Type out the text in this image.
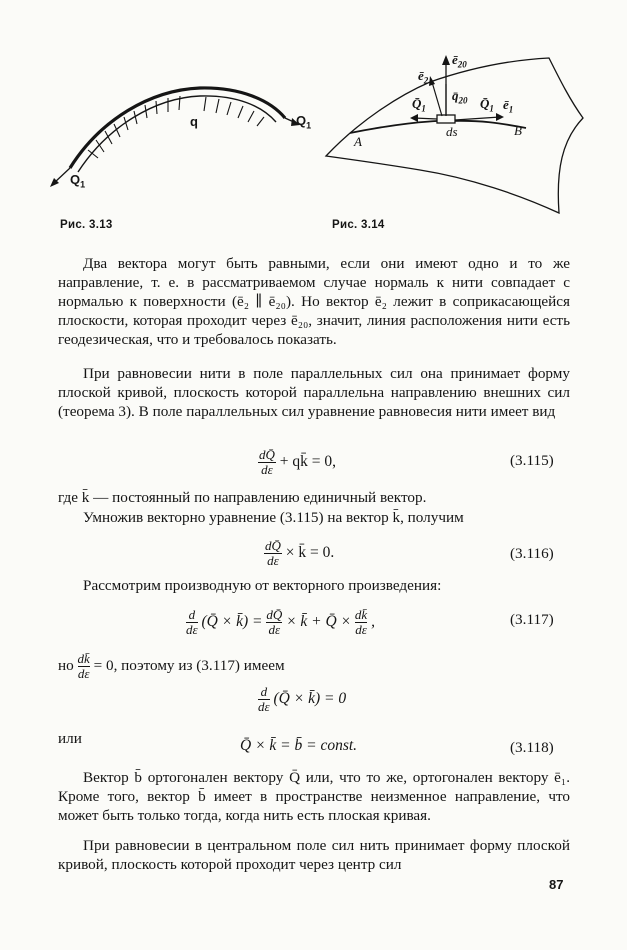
Рис. 3.13	Рис. 3.14
q
$Q_1$
$Q_1$
$ē_{20}$
$ē_2$
$q̄_{20}$
$Q̄_1$	$Q̄_1$ $ē_1$
ds
A
B
Два вектора могут быть равными, если они имеют одно и то же направление, т. е. в рассматриваемом случае нормаль к нити совпадает с нормалью к поверхности (ē₂ ∥ ē₂₀). Но вектор ē₂ лежит в соприкасающейся плоскости, которая проходит через ē₂₀, значит, линия расположения нити есть геодезическая, что и требовалось показать.
При равновесии нити в поле параллельных сил она принимает форму плоской кривой, плоскость которой параллельна направлению внешних сил (теорема 3). В поле параллельных сил уравнение равновесия нити имеет вид
$\frac{dQ̄}{d\varepsilon}$ + qk̄ = 0,	(3.115)
где k̄ — постоянный по направлению единичный вектор.
Умножив векторно уравнение (3.115) на вектор k̄, получим
$\frac{dQ̄}{d\varepsilon}$ × k̄ = 0.	(3.116)
Рассмотрим производную от векторного произведения:
$\frac{d}{d\varepsilon}$ (Q̄ × k̄) = $\frac{dQ̄}{d\varepsilon}$ × k̄ + Q̄ × $\frac{dk̄}{d\varepsilon}$ ,	(3.117)
но $\frac{dk̄}{d\varepsilon} = 0$, поэтому из (3.117) имеем
$\frac{d}{d\varepsilon}$ (Q̄ × k̄) = 0
или	Q̄ × k̄ = b̄ = const.	(3.118)
Вектор b̄ ортогонален вектору Q̄ или, что то же, ортогонален вектору ē₁. Кроме того, вектор b̄ имеет в пространстве неизменное направление, что может быть только тогда, когда нить есть плоская кривая.
При равновесии в центральном поле сил нить принимает форму плоской кривой, плоскость которой проходит через центр сил
87
